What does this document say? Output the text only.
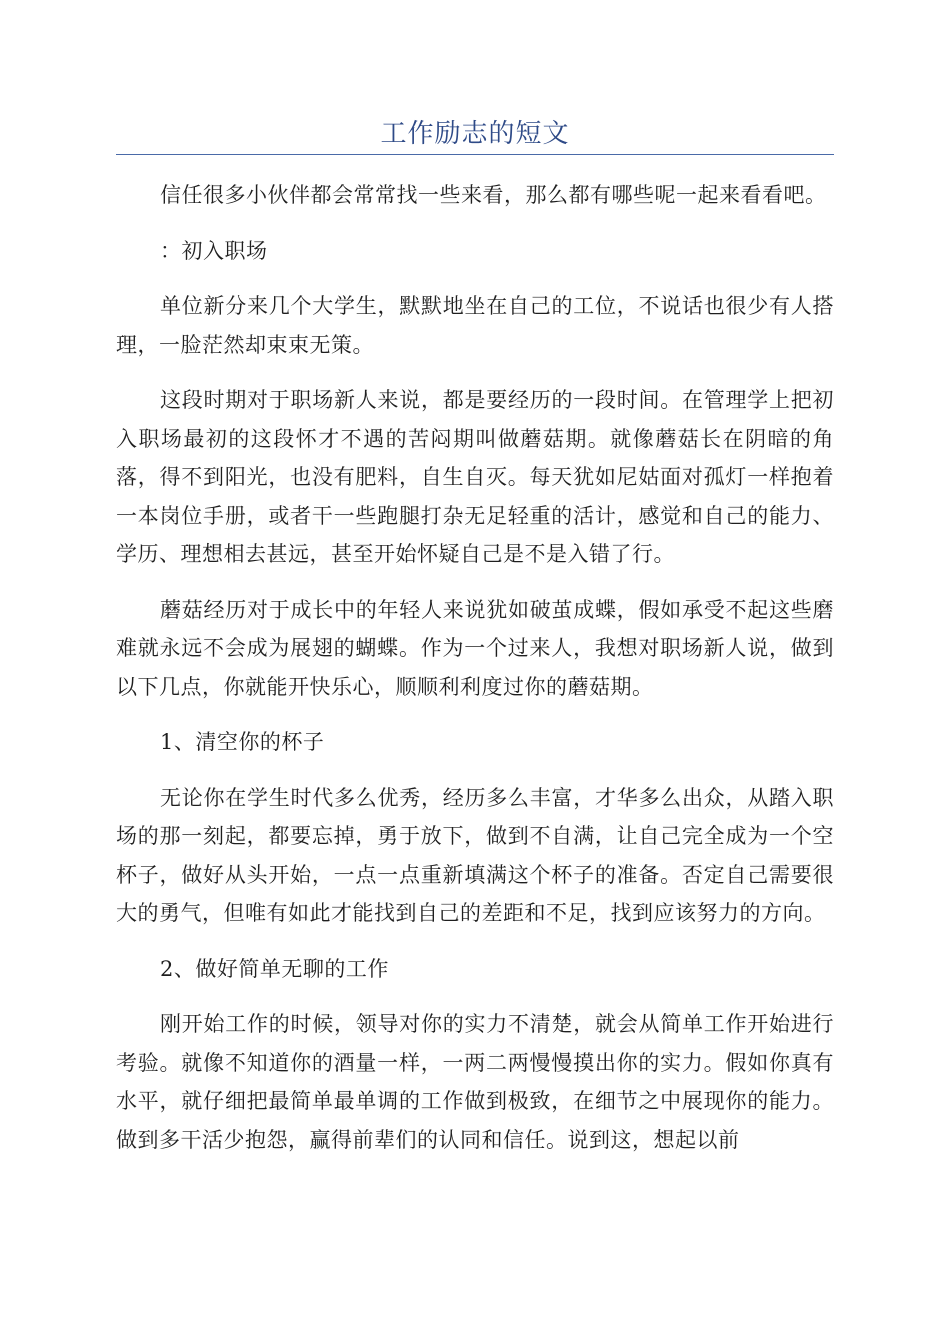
工作励志的短文

信任很多小伙伴都会常常找一些来看，那么都有哪些呢一起来看看吧。

：初入职场

单位新分来几个大学生，默默地坐在自己的工位，不说话也很少有人搭理，一脸茫然却束束无策。

这段时期对于职场新人来说，都是要经历的一段时间。在管理学上把初入职场最初的这段怀才不遇的苦闷期叫做蘑菇期。就像蘑菇长在阴暗的角落，得不到阳光，也没有肥料，自生自灭。每天犹如尼姑面对孤灯一样抱着一本岗位手册，或者干一些跑腿打杂无足轻重的活计，感觉和自己的能力、学历、理想相去甚远，甚至开始怀疑自己是不是入错了行。

蘑菇经历对于成长中的年轻人来说犹如破茧成蝶，假如承受不起这些磨难就永远不会成为展翅的蝴蝶。作为一个过来人，我想对职场新人说，做到以下几点，你就能开快乐心，顺顺利利度过你的蘑菇期。

1、清空你的杯子

无论你在学生时代多么优秀，经历多么丰富，才华多么出众，从踏入职场的那一刻起，都要忘掉，勇于放下，做到不自满，让自己完全成为一个空杯子，做好从头开始，一点一点重新填满这个杯子的准备。否定自己需要很大的勇气，但唯有如此才能找到自己的差距和不足，找到应该努力的方向。

2、做好简单无聊的工作

刚开始工作的时候，领导对你的实力不清楚，就会从简单工作开始进行考验。就像不知道你的酒量一样，一两二两慢慢摸出你的实力。假如你真有水平，就仔细把最简单最单调的工作做到极致，在细节之中展现你的能力。做到多干活少抱怨，赢得前辈们的认同和信任。说到这，想起以前
